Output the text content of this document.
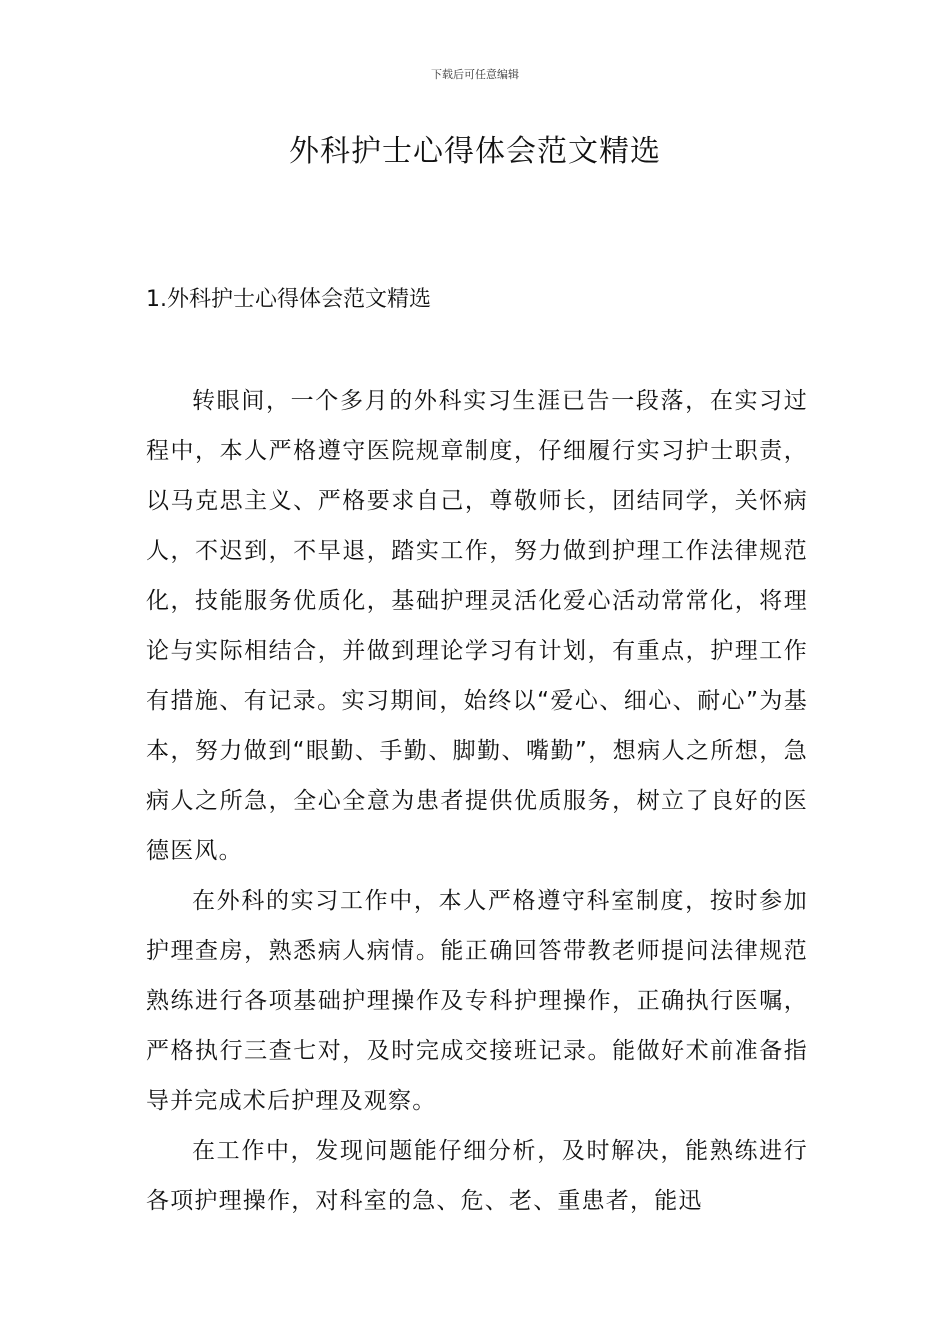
下载后可任意编辑
外科护士心得体会范文精选
1.外科护士心得体会范文精选

转眼间，一个多月的外科实习生涯已告一段落，在实习过程中，本人严格遵守医院规章制度，仔细履行实习护士职责，以马克思主义、严格要求自己，尊敬师长，团结同学，关怀病人，不迟到，不早退，踏实工作，努力做到护理工作法律规范化，技能服务优质化，基础护理灵活化爱心活动常常化，将理论与实际相结合，并做到理论学习有计划，有重点，护理工作有措施、有记录。实习期间，始终以“爱心、细心、耐心”为基本，努力做到“眼勤、手勤、脚勤、嘴勤”，想病人之所想，急病人之所急，全心全意为患者提供优质服务，树立了良好的医德医风。

在外科的实习工作中，本人严格遵守科室制度，按时参加护理查房，熟悉病人病情。能正确回答带教老师提问法律规范熟练进行各项基础护理操作及专科护理操作，正确执行医嘱，严格执行三查七对，及时完成交接班记录。能做好术前准备指导并完成术后护理及观察。

在工作中，发现问题能仔细分析，及时解决，能熟练进行各项护理操作，对科室的急、危、老、重患者，能迅
